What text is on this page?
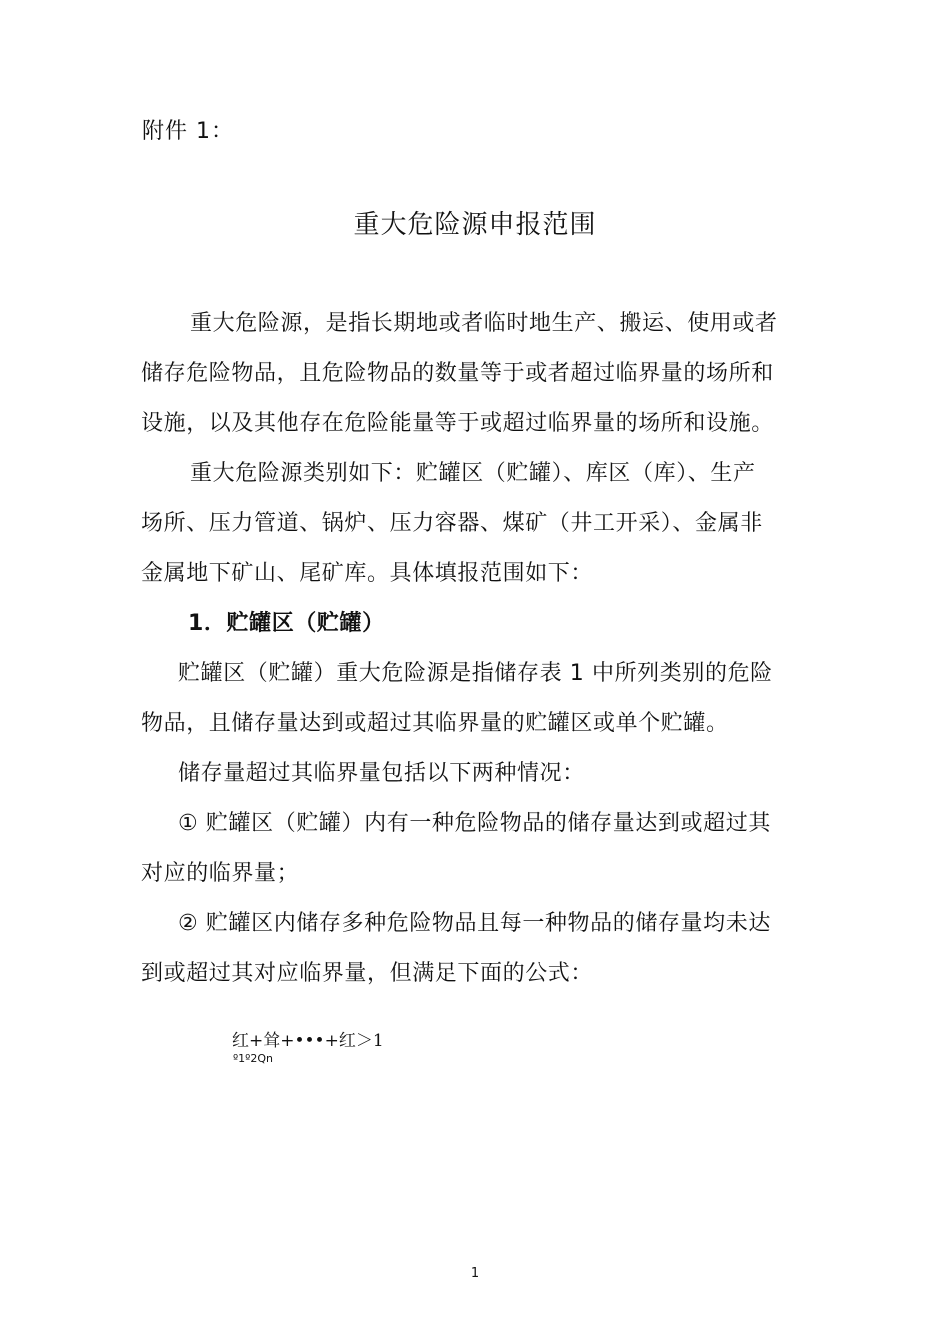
附件 1：
重大危险源申报范围
重大危险源，是指长期地或者临时地生产、搬运、使用或者
储存危险物品，且危险物品的数量等于或者超过临界量的场所和
设施，以及其他存在危险能量等于或超过临界量的场所和设施。
重大危险源类别如下：贮罐区（贮罐）、库区（库）、生产
场所、压力管道、锅炉、压力容器、煤矿（井工开采）、金属非
金属地下矿山、尾矿库。具体填报范围如下：
1．贮罐区（贮罐）
贮罐区（贮罐）重大危险源是指储存表 1 中所列类别的危险
物品，且储存量达到或超过其临界量的贮罐区或单个贮罐。
储存量超过其临界量包括以下两种情况：
① 贮罐区（贮罐）内有一种危险物品的储存量达到或超过其
对应的临界量；
② 贮罐区内储存多种危险物品且每一种物品的储存量均未达
到或超过其对应临界量，但满足下面的公式：
红+耸+•••+红＞1
º1º2Qn
1
